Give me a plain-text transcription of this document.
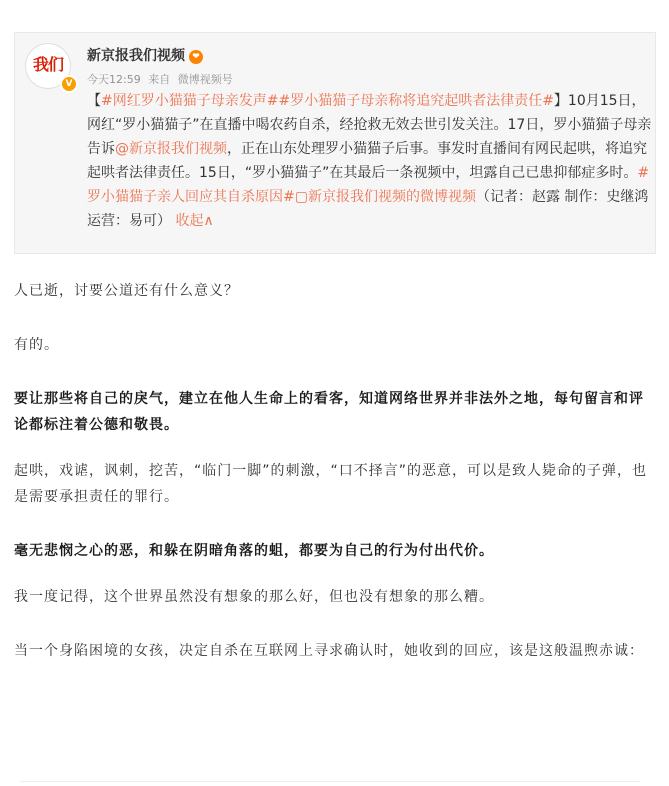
我们
V
新京报我们视频 ❤
今天12:59 来自 微博视频号
【#网红罗小猫猫子母亲发声##罗小猫猫子母亲称将追究起哄者法律责任#】10月15日，网红“罗小猫猫子”在直播中喝农药自杀，经抢救无效去世引发关注。17日，罗小猫猫子母亲告诉@新京报我们视频，正在山东处理罗小猫猫子后事。事发时直播间有网民起哄，将追究起哄者法律责任。15日，“罗小猫猫子”在其最后一条视频中，坦露自己已患抑郁症多时。#罗小猫猫子亲人回应其自杀原因#▢新京报我们视频的微博视频（记者：赵露 制作：史继鸿 运营：易可） 收起∧

人已逝，讨要公道还有什么意义？

有的。

要让那些将自己的戾气，建立在他人生命上的看客，知道网络世界并非法外之地，每句留言和评论都标注着公德和敬畏。

起哄，戏谑，讽刺，挖苦，“临门一脚”的刺激，“口不择言”的恶意，可以是致人毙命的子弹，也是需要承担责任的罪行。

毫无悲悯之心的恶，和躲在阴暗角落的蛆，都要为自己的行为付出代价。

我一度记得，这个世界虽然没有想象的那么好，但也没有想象的那么糟。

当一个身陷困境的女孩，决定自杀在互联网上寻求确认时，她收到的回应，该是这般温煦赤诚：
